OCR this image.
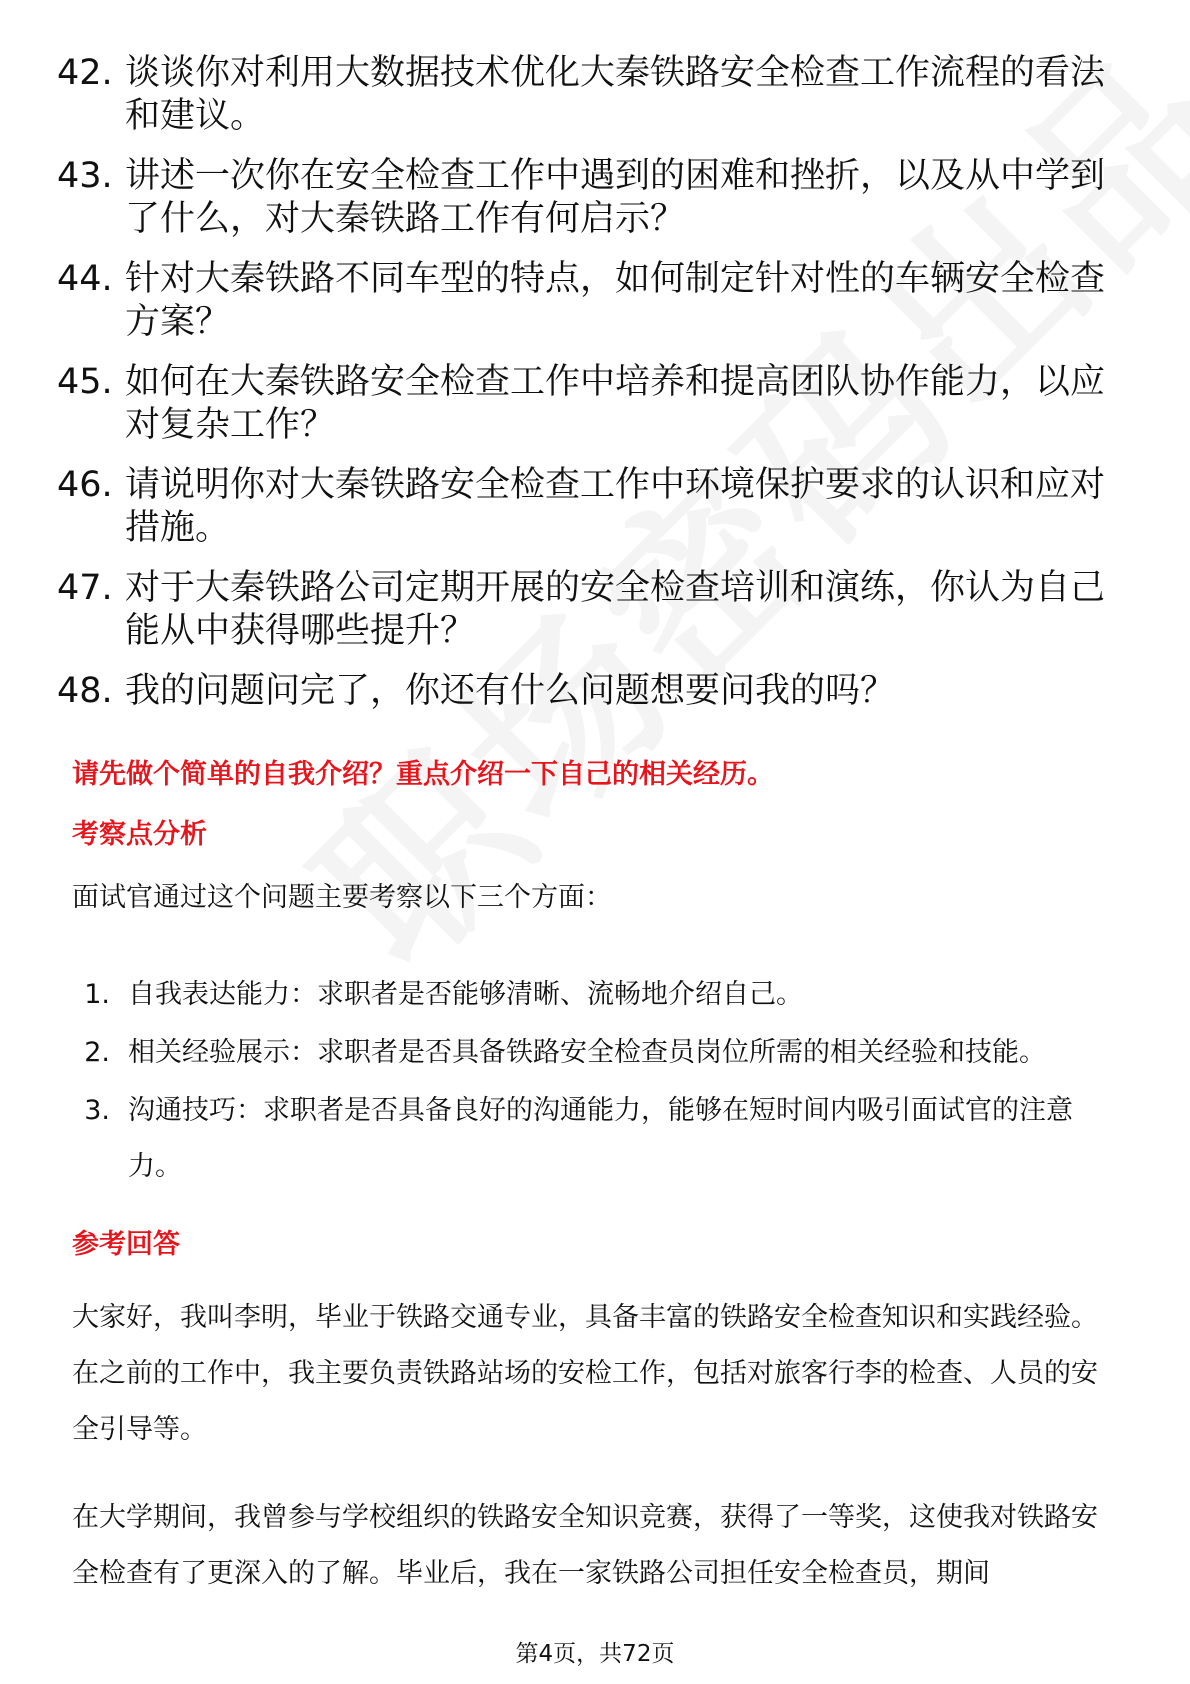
42. 谈谈你对利用大数据技术优化大秦铁路安全检查工作流程的看法和建议。
43. 讲述一次你在安全检查工作中遇到的困难和挫折，以及从中学到了什么，对大秦铁路工作有何启示？
44. 针对大秦铁路不同车型的特点，如何制定针对性的车辆安全检查方案？
45. 如何在大秦铁路安全检查工作中培养和提高团队协作能力，以应对复杂工作？
46. 请说明你对大秦铁路安全检查工作中环境保护要求的认识和应对措施。
47. 对于大秦铁路公司定期开展的安全检查培训和演练，你认为自己能从中获得哪些提升？
48. 我的问题问完了，你还有什么问题想要问我的吗？
请先做个简单的自我介绍？重点介绍一下自己的相关经历。
考察点分析
面试官通过这个问题主要考察以下三个方面：
1. 自我表达能力：求职者是否能够清晰、流畅地介绍自己。
2. 相关经验展示：求职者是否具备铁路安全检查员岗位所需的相关经验和技能。
3. 沟通技巧：求职者是否具备良好的沟通能力，能够在短时间内吸引面试官的注意力。
参考回答
大家好，我叫李明，毕业于铁路交通专业，具备丰富的铁路安全检查知识和实践经验。在之前的工作中，我主要负责铁路站场的安检工作，包括对旅客行李的检查、人员的安全引导等。
在大学期间，我曾参与学校组织的铁路安全知识竞赛，获得了一等奖，这使我对铁路安全检查有了更深入的了解。毕业后，我在一家铁路公司担任安全检查员，期间
第4页，共72页
